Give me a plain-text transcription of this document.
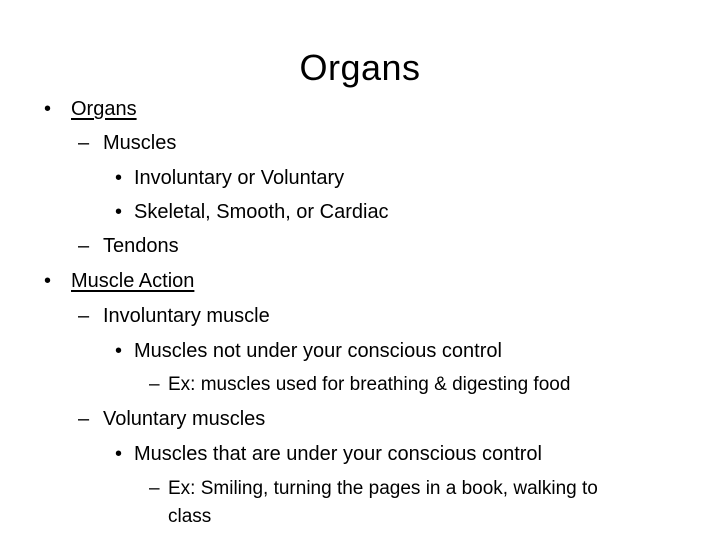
Organs
• Organs
– Muscles
• Involuntary or Voluntary
• Skeletal, Smooth, or Cardiac
– Tendons
• Muscle Action
– Involuntary muscle
• Muscles not under your conscious control
– Ex: muscles used for breathing & digesting food
– Voluntary muscles
• Muscles that are under your conscious control
– Ex: Smiling, turning the pages in a book, walking to
class
